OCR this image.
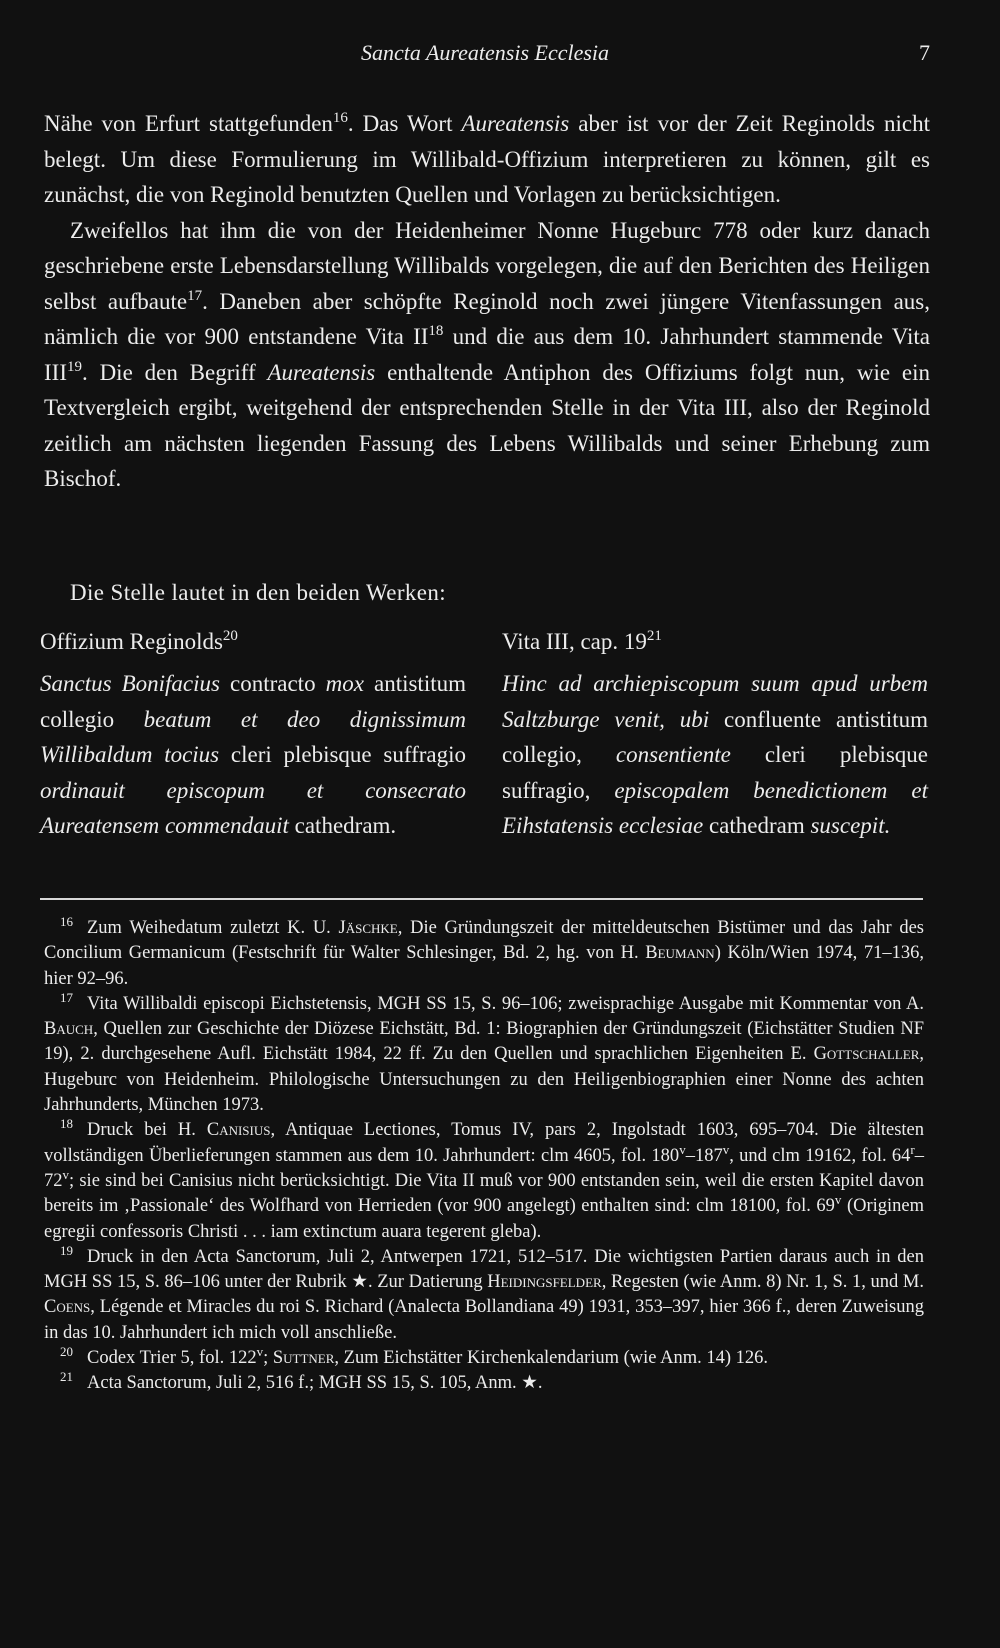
Sancta Aureatensis Ecclesia	7

Nähe von Erfurt stattgefunden$^{16}$. Das Wort Aureatensis aber ist vor der Zeit Reginolds nicht belegt. Um diese Formulierung im Willibald-Offizium interpretieren zu können, gilt es zunächst, die von Reginold benutzten Quellen und Vorlagen zu berücksichtigen.

Zweifellos hat ihm die von der Heidenheimer Nonne Hugeburc 778 oder kurz danach geschriebene erste Lebensdarstellung Willibalds vorgelegen, die auf den Berichten des Heiligen selbst aufbaute$^{17}$. Daneben aber schöpfte Reginold noch zwei jüngere Vitenfassungen aus, nämlich die vor 900 entstandene Vita II$^{18}$ und die aus dem 10. Jahrhundert stammende Vita III$^{19}$. Die den Begriff Aureatensis enthaltende Antiphon des Offiziums folgt nun, wie ein Textvergleich ergibt, weitgehend der entsprechenden Stelle in der Vita III, also der Reginold zeitlich am nächsten liegenden Fassung des Lebens Willibalds und seiner Erhebung zum Bischof.

Die Stelle lautet in den beiden Werken:
Offizium Reginolds$^{20}$

Sanctus Bonifacius contracto mox antistitum collegio beatum et deo dignissimum Willibaldum tocius cleri plebisque suffragio ordinauit episcopum et consecrato Aureatensem commendauit cathedram.

Vita III, cap. $19^{21}$

Hinc ad archiepiscopum suum apud urbem Saltzburge venit, ubi confluente antistitum collegio, consentiente cleri plebisque suffragio, episcopalem benedictionem et Eihstatensis ecclesiae cathedram suscepit.

$^{16}$ Zum Weihedatum zuletzt K. U. Jäschke, Die Gründungszeit der mitteldeutschen Bistümer und das Jahr des Concilium Germanicum (Festschrift für Walter Schlesinger, Bd. 2, hg. von H. Beumann) Köln/Wien 1974, 71–136, hier 92–96.

$^{17}$ Vita Willibaldi episcopi Eichstetensis, MGH SS 15, S. 96–106; zweisprachige Ausgabe mit Kommentar von A. Bauch, Quellen zur Geschichte der Diözese Eichstätt, Bd. 1: Biographien der Gründungszeit (Eichstätter Studien NF 19), 2. durchgesehene Aufl. Eichstätt 1984, 22 ff. Zu den Quellen und sprachlichen Eigenheiten E. Gottschaller, Hugeburc von Heidenheim. Philologische Untersuchungen zu den Heiligenbiographien einer Nonne des achten Jahrhunderts, München 1973.

$^{18}$ Druck bei H. Canisius, Antiquae Lectiones, Tomus IV, pars 2, Ingolstadt 1603, 695–704. Die ältesten vollständigen Überlieferungen stammen aus dem 10. Jahrhundert: clm 4605, fol. 180$^v$–187$^v$, und clm 19162, fol. 64$^r$–72$^v$; sie sind bei Canisius nicht berücksichtigt. Die Vita II muß vor 900 entstanden sein, weil die ersten Kapitel davon bereits im ‚Passionale‘ des Wolfhard von Herrieden (vor 900 angelegt) enthalten sind: clm 18100, fol. 69$^v$ (Originem egregii confessoris Christi . . . iam extinctum auara tegerent gleba).

$^{19}$ Druck in den Acta Sanctorum, Juli 2, Antwerpen 1721, 512–517. Die wichtigsten Partien daraus auch in den MGH SS 15, S. 86–106 unter der Rubrik ★. Zur Datierung Heidingsfelder, Regesten (wie Anm. 8) Nr. 1, S. 1, und M. Coens, Légende et Miracles du roi S. Richard (Analecta Bollandiana 49) 1931, 353–397, hier 366 f., deren Zuweisung in das 10. Jahrhundert ich mich voll anschließe.

$^{20}$ Codex Trier 5, fol. 122$^v$; Suttner, Zum Eichstätter Kirchenkalendarium (wie Anm. 14) 126.

$^{21}$ Acta Sanctorum, Juli 2, 516 f.; MGH SS 15, S. 105, Anm. ★.
